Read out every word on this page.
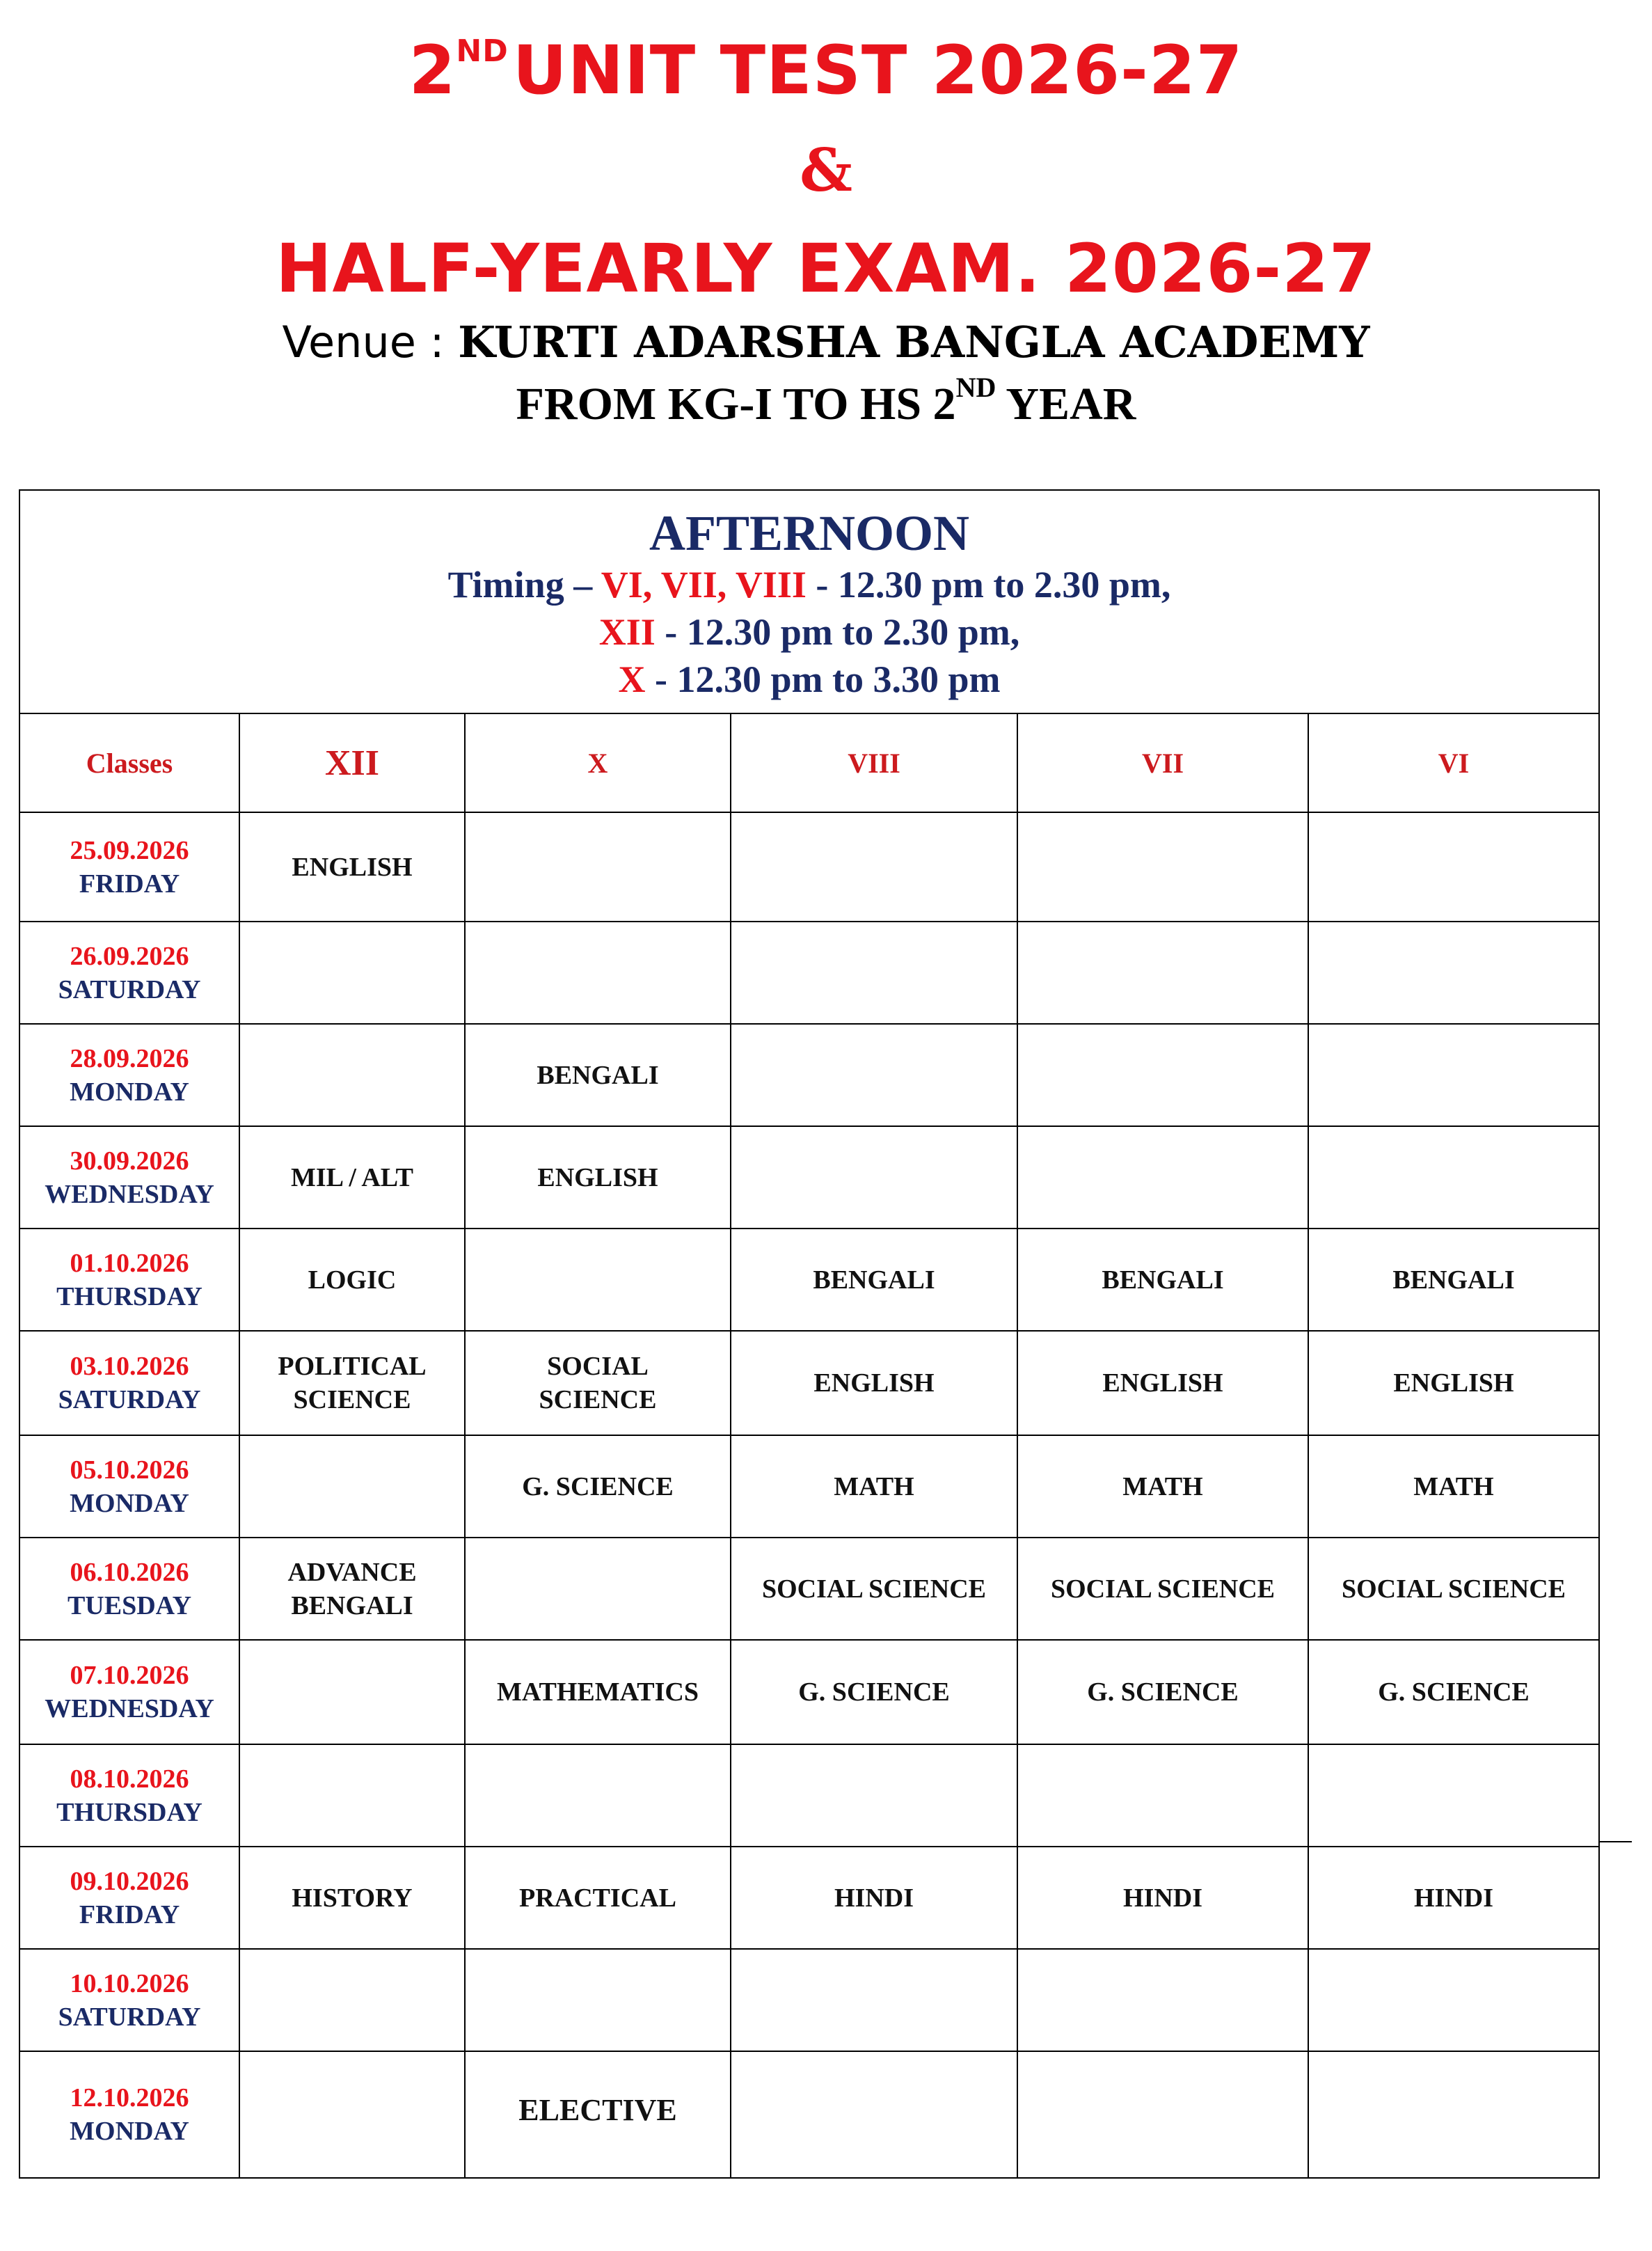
2NDUNIT TEST 2026-27
&
HALF-YEARLY EXAM. 2026-27
Venue : KURTI ADARSHA BANGLA ACADEMY
FROM KG-I TO HS 2ND YEAR
AFTERNOON
Timing – VI, VII, VIII - 12.30 pm to 2.30 pm,
XII - 12.30 pm to 2.30 pm,
X - 12.30 pm to 3.30 pm					

Classes	XII	X	VIII	VII	VI

25.09.2026
FRIDAY	ENGLISH				

26.09.2026
SATURDAY					

28.09.2026
MONDAY		BENGALI			

30.09.2026
WEDNESDAY	MIL / ALT	ENGLISH			

01.10.2026
THURSDAY	LOGIC		BENGALI	BENGALI	BENGALI

03.10.2026
SATURDAY	POLITICAL SCIENCE	SOCIAL SCIENCE	ENGLISH	ENGLISH	ENGLISH

05.10.2026
MONDAY		G. SCIENCE	MATH	MATH	MATH

06.10.2026
TUESDAY	ADVANCE BENGALI		SOCIAL SCIENCE	SOCIAL SCIENCE	SOCIAL SCIENCE

07.10.2026
WEDNESDAY		MATHEMATICS	G. SCIENCE	G. SCIENCE	G. SCIENCE

08.10.2026
THURSDAY					

09.10.2026
FRIDAY	HISTORY	PRACTICAL	HINDI	HINDI	HINDI

10.10.2026
SATURDAY					

12.10.2026
MONDAY		ELECTIVE			
